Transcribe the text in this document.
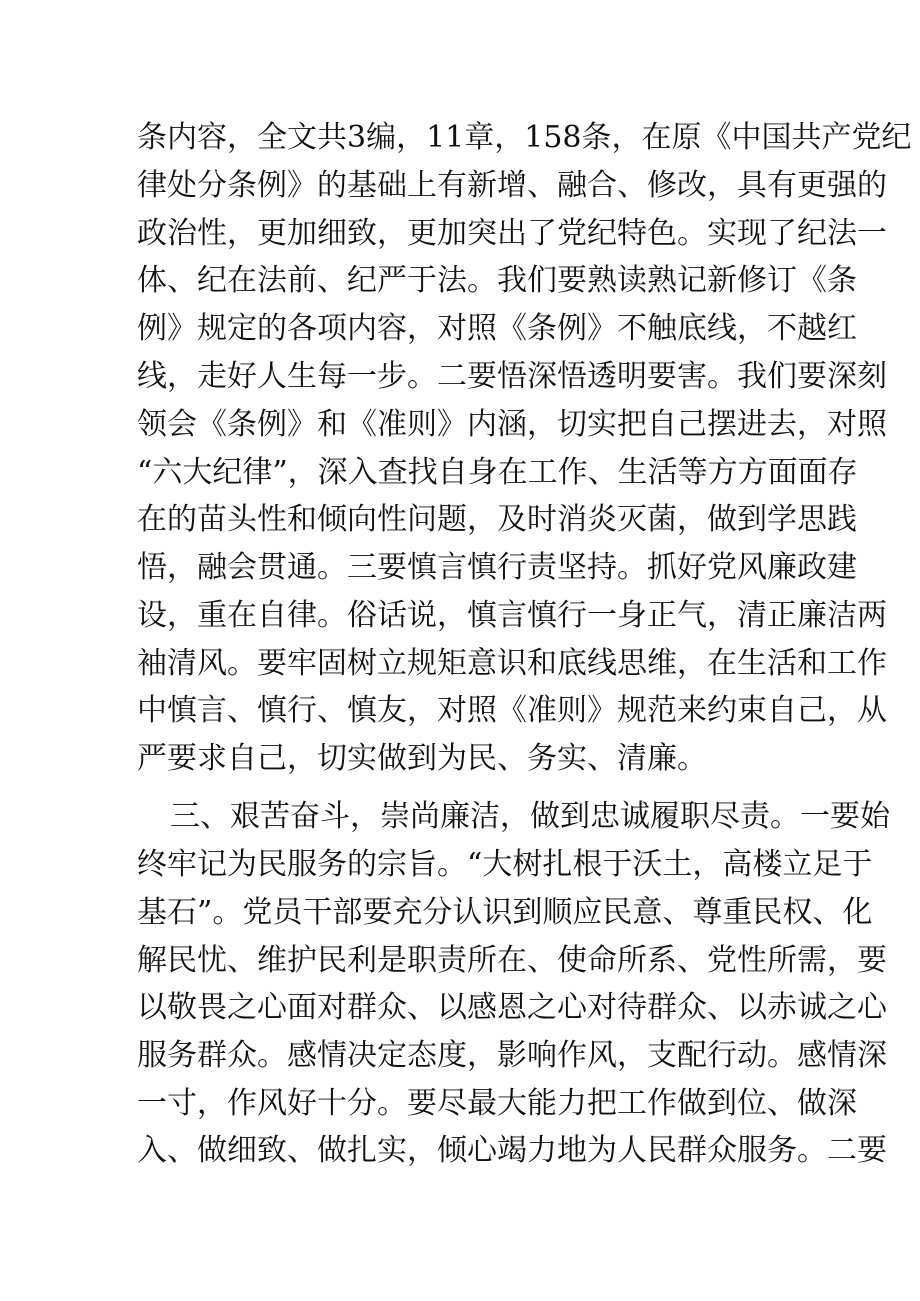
条内容，全文共3编，11章，158条，在原《中国共产党纪
律处分条例》的基础上有新增、融合、修改，具有更强的
政治性，更加细致，更加突出了党纪特色。实现了纪法一
体、纪在法前、纪严于法。我们要熟读熟记新修订《条
例》规定的各项内容，对照《条例》不触底线，不越红
线，走好人生每一步。二要悟深悟透明要害。我们要深刻
领会《条例》和《准则》内涵，切实把自己摆进去，对照
“六大纪律”，深入查找自身在工作、生活等方方面面存
在的苗头性和倾向性问题，及时消炎灭菌，做到学思践
悟，融会贯通。三要慎言慎行责坚持。抓好党风廉政建
设，重在自律。俗话说，慎言慎行一身正气，清正廉洁两
袖清风。要牢固树立规矩意识和底线思维，在生活和工作
中慎言、慎行、慎友，对照《准则》规范来约束自己，从
严要求自己，切实做到为民、务实、清廉。
三、艰苦奋斗，崇尚廉洁，做到忠诚履职尽责。一要始
终牢记为民服务的宗旨。“大树扎根于沃土，高楼立足于
基石”。党员干部要充分认识到顺应民意、尊重民权、化
解民忧、维护民利是职责所在、使命所系、党性所需，要
以敬畏之心面对群众、以感恩之心对待群众、以赤诚之心
服务群众。感情决定态度，影响作风，支配行动。感情深
一寸，作风好十分。要尽最大能力把工作做到位、做深
入、做细致、做扎实，倾心竭力地为人民群众服务。二要
